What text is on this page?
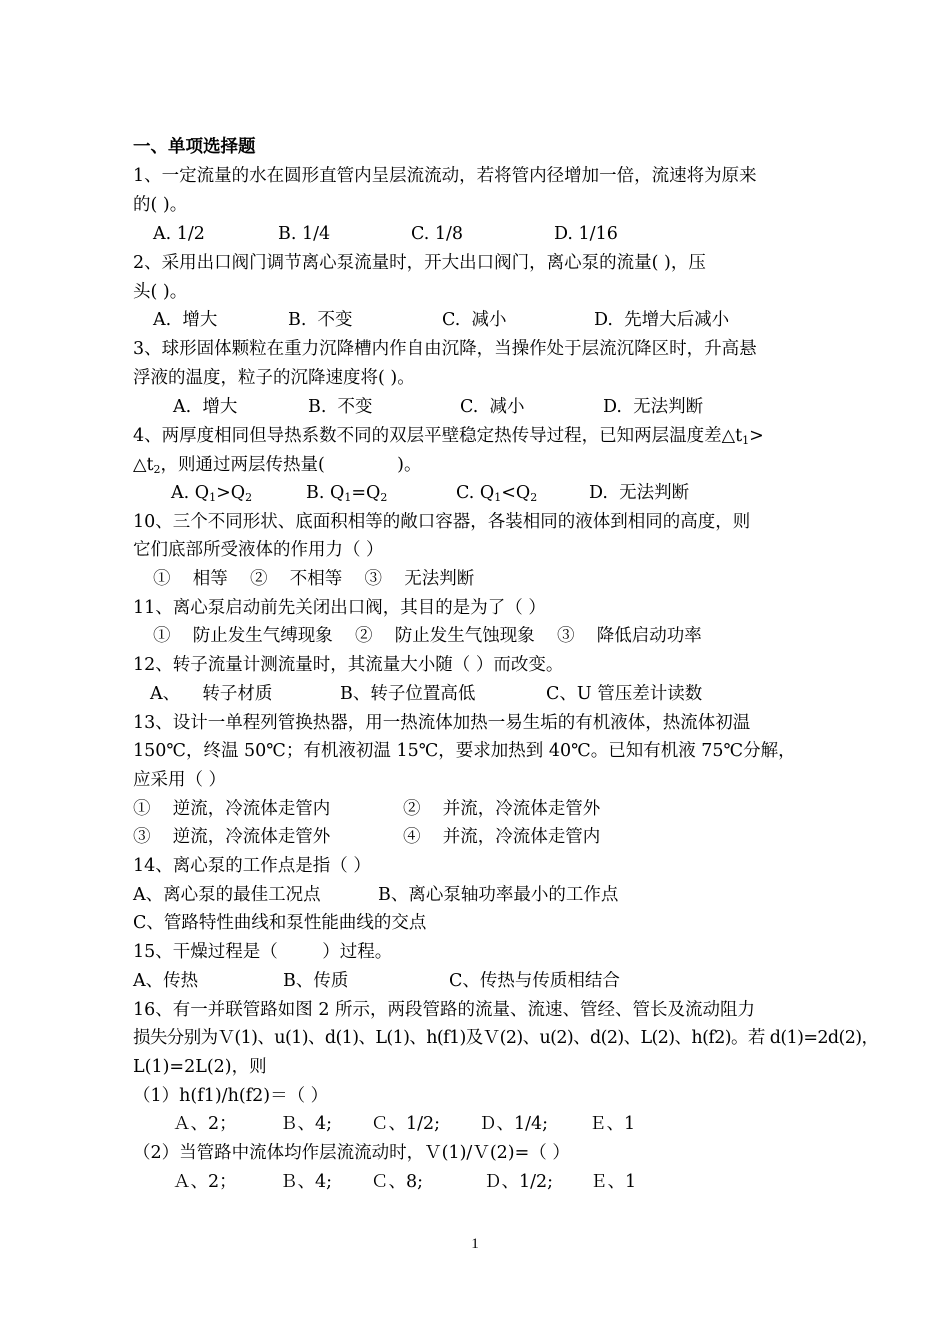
一、单项选择题
1、一定流量的水在圆形直管内呈层流流动，若将管内径增加一倍，流速将为原来
的( )。
A. 1/2	B. 1/4	C. 1/8	D. 1/16
2、采用出口阀门调节离心泵流量时，开大出口阀门，离心泵的流量( )，压
头( )。
A.  增大	B.  不变	C.  减小	D.  先增大后减小
3、球形固体颗粒在重力沉降槽内作自由沉降，当操作处于层流沉降区时，升高悬
浮液的温度，粒子的沉降速度将( )。
A.  增大	B.  不变	C.  减小	D.  无法判断
4、两厚度相同但导热系数不同的双层平壁稳定热传导过程，已知两层温度差$\triangle t_1>$
$\triangle t_2$，则通过两层传热量(             )。
A. $Q_1>Q_2$	B. $Q_1=Q_2$	C. $Q_1<Q_2$	D.  无法判断
10、三个不同形状、底面积相等的敞口容器，各装相同的液体到相同的高度，则
它们底部所受液体的作用力（ ）
①    相等    ②    不相等    ③    无法判断
11、离心泵启动前先关闭出口阀，其目的是为了（ ）
①    防止发生气缚现象    ②    防止发生气蚀现象    ③    降低启动功率
12、转子流量计测流量时，其流量大小随（ ）而改变。
A、    转子材质	B、转子位置高低	C、U 管压差计读数
13、设计一单程列管换热器，用一热流体加热一易生垢的有机液体，热流体初温
150℃，终温 50℃；有机液初温 15℃，要求加热到 40℃。已知有机液 75℃分解，
应采用（ ）
①    逆流，冷流体走管内	②    并流，冷流体走管外
③    逆流，冷流体走管外	④    并流，冷流体走管内
14、离心泵的工作点是指（ ）
A、离心泵的最佳工况点	B、离心泵轴功率最小的工作点
C、管路特性曲线和泵性能曲线的交点
15、干燥过程是（        ）过程。
A、传热	B、传质	C、传热与传质相结合
16、有一并联管路如图 2 所示，两段管路的流量、流速、管经、管长及流动阻力
损失分别为Ｖ(1)、u(1)、d(1)、L(1)、h(f1)及Ｖ(2)、u(2)、d(2)、L(2)、h(f2)。若 d(1)=2d(2)，
L(1)=2L(2)，则
（1）h(f1)/h(f2)＝（ ）
Ａ、2； Ｂ、4; Ｃ、1/2; Ｄ、1/4; Ｅ、1
（2）当管路中流体均作层流流动时，Ｖ(1)/Ｖ(2)=（ ）
Ａ、2； Ｂ、4; Ｃ、8;	Ｄ、1/2; Ｅ、1
1
